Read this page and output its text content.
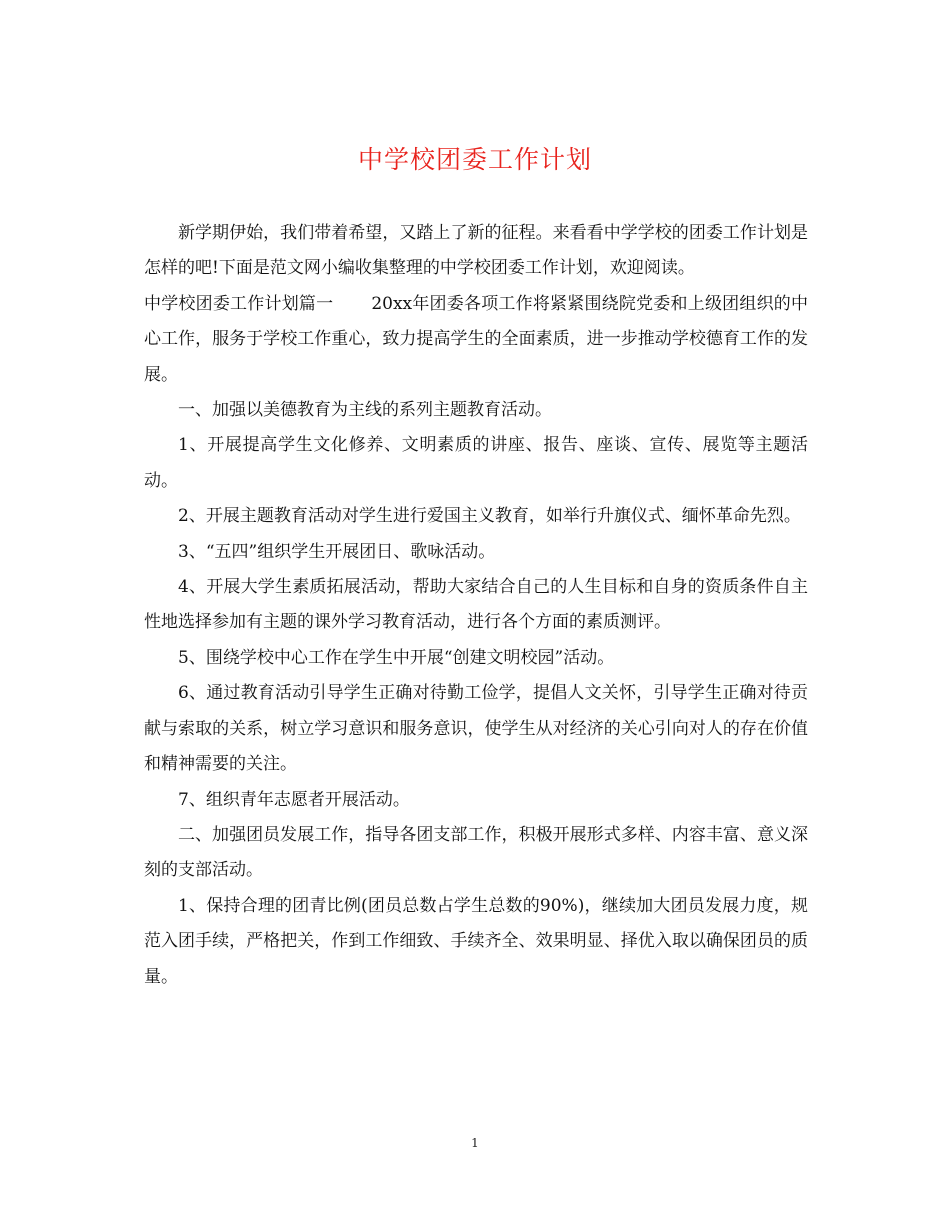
中学校团委工作计划

新学期伊始，我们带着希望，又踏上了新的征程。来看看中学学校的团委工作计划是怎样的吧!下面是范文网小编收集整理的中学校团委工作计划，欢迎阅读。

中学校团委工作计划篇一 20xx年团委各项工作将紧紧围绕院党委和上级团组织的中心工作，服务于学校工作重心，致力提高学生的全面素质，进一步推动学校德育工作的发展。

一、加强以美德教育为主线的系列主题教育活动。

1、开展提高学生文化修养、文明素质的讲座、报告、座谈、宣传、展览等主题活动。

2、开展主题教育活动对学生进行爱国主义教育，如举行升旗仪式、缅怀革命先烈。

3、“五四”组织学生开展团日、歌咏活动。

4、开展大学生素质拓展活动，帮助大家结合自己的人生目标和自身的资质条件自主性地选择参加有主题的课外学习教育活动，进行各个方面的素质测评。

5、围绕学校中心工作在学生中开展“创建文明校园”活动。

6、通过教育活动引导学生正确对待勤工俭学，提倡人文关怀，引导学生正确对待贡献与索取的关系，树立学习意识和服务意识，使学生从对经济的关心引向对人的存在价值和精神需要的关注。

7、组织青年志愿者开展活动。

二、加强团员发展工作，指导各团支部工作，积极开展形式多样、内容丰富、意义深刻的支部活动。

1、保持合理的团青比例(团员总数占学生总数的90%)，继续加大团员发展力度，规范入团手续，严格把关，作到工作细致、手续齐全、效果明显、择优入取以确保团员的质量。

1
